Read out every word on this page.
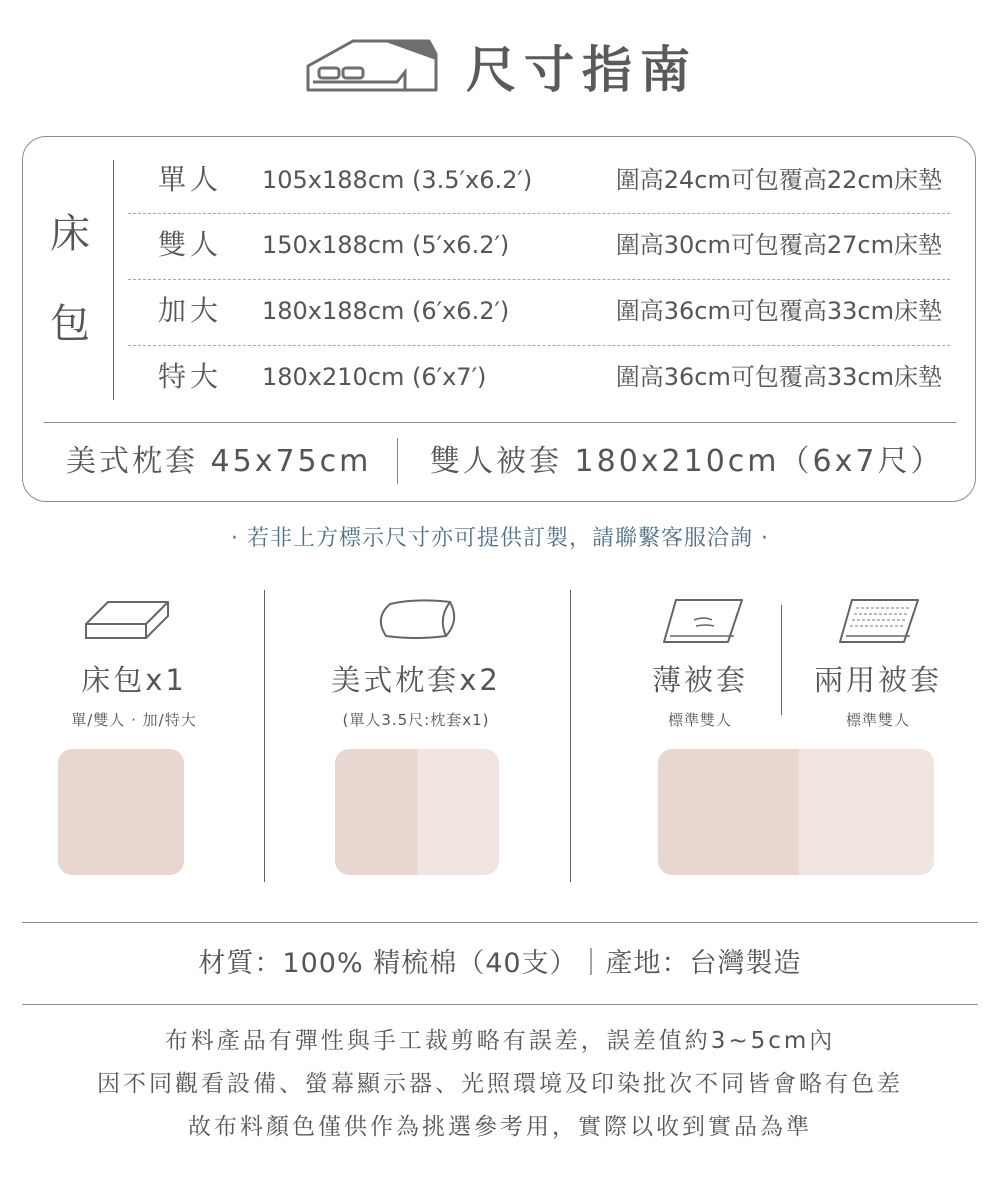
尺寸指南
床
包
單人 105x188cm (3.5′x6.2′)	圍高24cm可包覆高22cm床墊
雙人 150x188cm (5′x6.2′)	圍高30cm可包覆高27cm床墊
加大 180x188cm (6′x6.2′)	圍高36cm可包覆高33cm床墊
特大 180x210cm (6′x7′)	圍高36cm可包覆高33cm床墊
美式枕套 45x75cm 雙人被套 180x210cm（6x7尺）
· 若非上方標示尺寸亦可提供訂製，請聯繫客服洽詢 ·
床包x1
單/雙人 · 加/特大
美式枕套x2
(單人3.5尺:枕套x1)
薄被套
標準雙人
兩用被套
標準雙人
材質：100% 精梳棉（40支）｜產地：台灣製造
布料產品有彈性與手工裁剪略有誤差，誤差值約3~5cm內
因不同觀看設備、螢幕顯示器、光照環境及印染批次不同皆會略有色差
故布料顏色僅供作為挑選參考用，實際以收到實品為準
